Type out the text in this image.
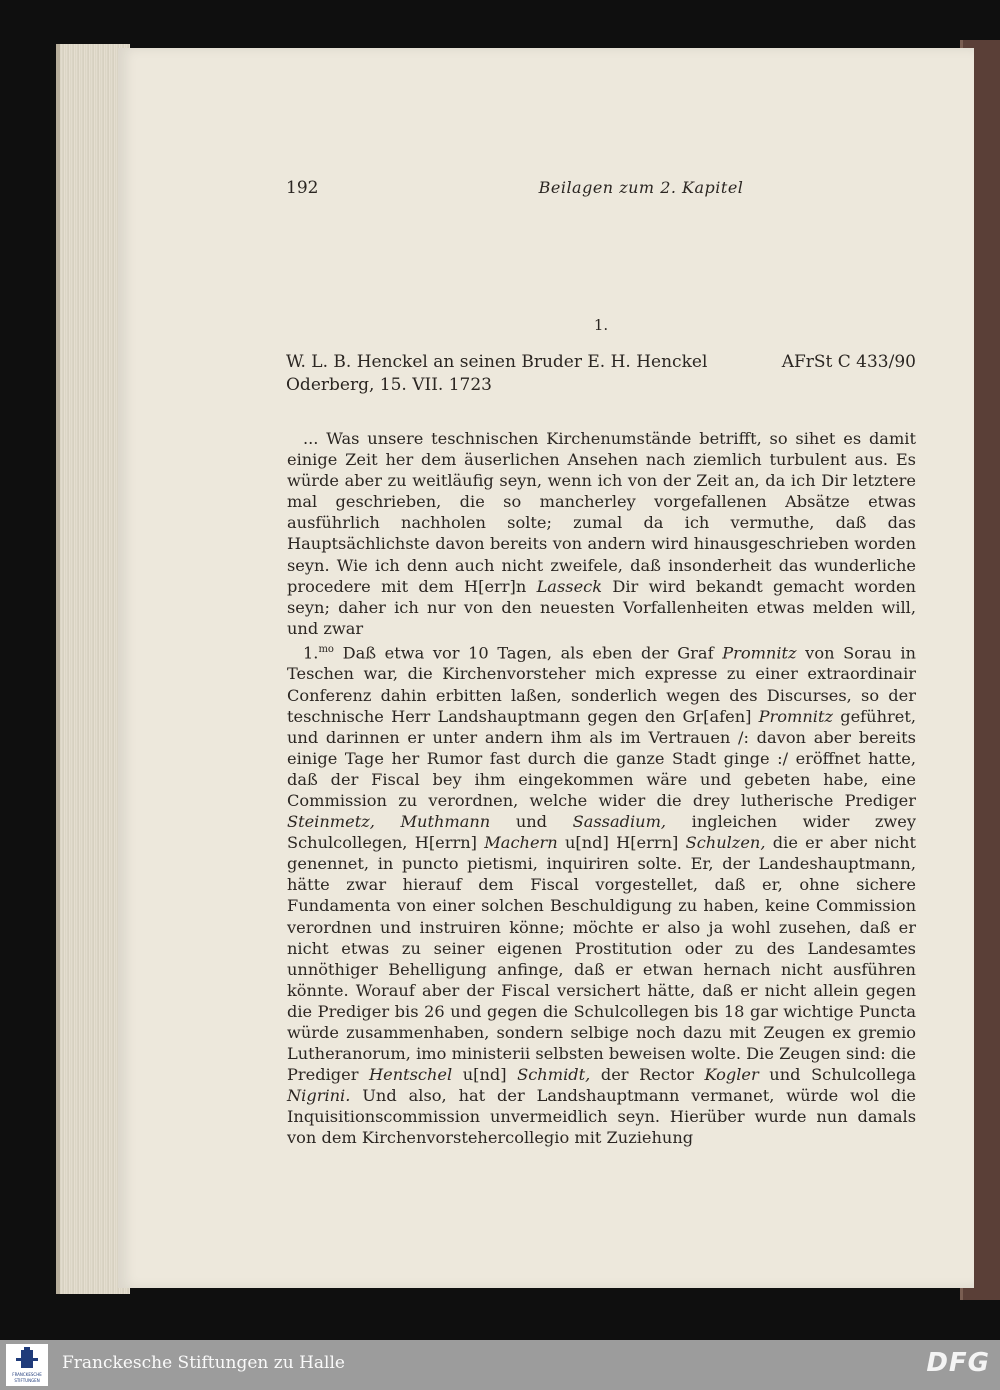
192	Beilagen zum 2. Kapitel
1.
W. L. B. Henckel an seinen Bruder E. H. Henckel	AFrSt C 433/90
Oderberg, 15. VII. 1723

... Was unsere teschnischen Kirchenumstände betrifft, so sihet es damit einige Zeit her dem äuserlichen Ansehen nach ziemlich turbulent aus. Es würde aber zu weitläufig seyn, wenn ich von der Zeit an, da ich Dir letztere mal geschrieben, die so mancherley vorgefallenen Absätze etwas ausführlich nachholen solte; zumal da ich vermuthe, daß das Hauptsächlichste davon bereits von andern wird hinausgeschrieben worden seyn. Wie ich denn auch nicht zweifele, daß insonderheit das wunderliche procedere mit dem H[err]n Lasseck Dir wird bekandt gemacht worden seyn; daher ich nur von den neuesten Vorfallenheiten etwas melden will, und zwar

1.$^{mo}$ Daß etwa vor 10 Tagen, als eben der Graf Promnitz von Sorau in Teschen war, die Kirchenvorsteher mich expresse zu einer extraordinair Conferenz dahin erbitten laßen, sonderlich wegen des Discurses, so der teschnische Herr Landshauptmann gegen den Gr[afen] Promnitz geführet, und darinnen er unter andern ihm als im Vertrauen /: davon aber bereits einige Tage her Rumor fast durch die ganze Stadt ginge :/ eröffnet hatte, daß der Fiscal bey ihm eingekommen wäre und gebeten habe, eine Commission zu verordnen, welche wider die drey lutherische Prediger Steinmetz, Muthmann und Sassadium, ingleichen wider zwey Schulcollegen, H[errn] Machern u[nd] H[errn] Schulzen, die er aber nicht genennet, in puncto pietismi, inquiriren solte. Er, der Landeshauptmann, hätte zwar hierauf dem Fiscal vorgestellet, daß er, ohne sichere Fundamenta von einer solchen Beschuldigung zu haben, keine Commission verordnen und instruiren könne; möchte er also ja wohl zusehen, daß er nicht etwas zu seiner eigenen Prostitution oder zu des Landesamtes unnöthiger Behelligung anfinge, daß er etwan hernach nicht ausführen könnte. Worauf aber der Fiscal versichert hätte, daß er nicht allein gegen die Prediger bis 26 und gegen die Schulcollegen bis 18 gar wichtige Puncta würde zusammenhaben, sondern selbige noch dazu mit Zeugen ex gremio Lutheranorum, imo ministerii selbsten beweisen wolte. Die Zeugen sind: die Prediger Hentschel u[nd] Schmidt, der Rector Kogler und Schulcollega Nigrini. Und also, hat der Landshauptmann vermanet, würde wol die Inquisitionscommission unvermeidlich seyn. Hierüber wurde nun damals von dem Kirchenvorstehercollegio mit Zuziehung

FRANCKESCHE
STIFTUNGEN
Franckesche Stiftungen zu Halle	DFG
